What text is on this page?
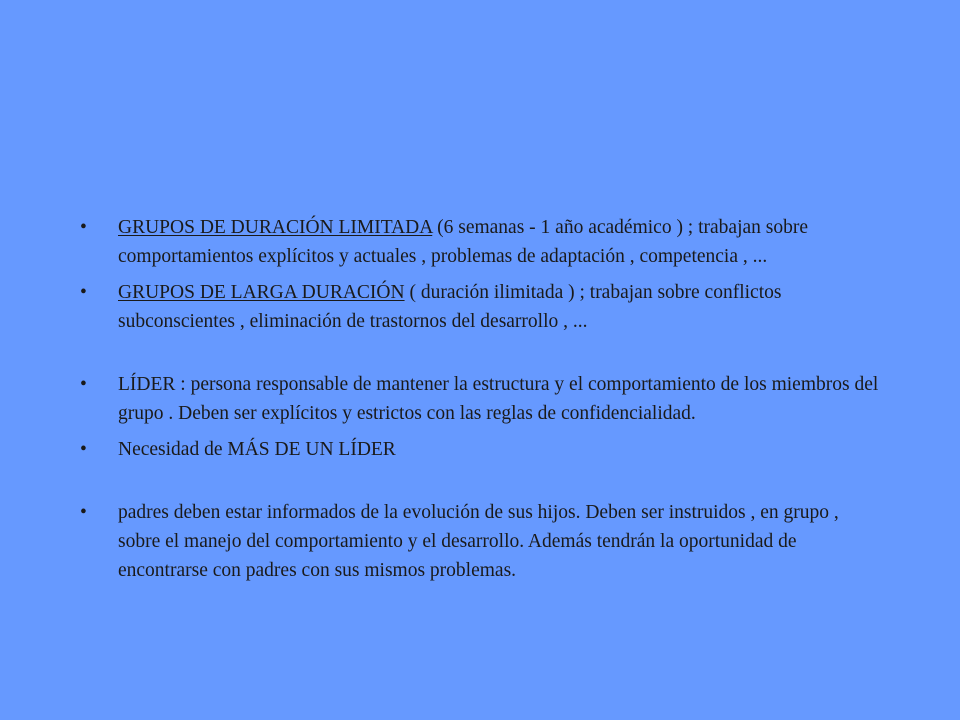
•	GRUPOS DE DURACIÓN LIMITADA (6 semanas - 1 año académico ) ; trabajan sobre comportamientos explícitos y actuales , problemas de adaptación , competencia , ...
•	GRUPOS DE LARGA DURACIÓN ( duración ilimitada ) ; trabajan sobre conflictos subconscientes , eliminación de trastornos del desarrollo , ...
•	LÍDER : persona responsable de mantener la estructura y el comportamiento de los miembros del grupo . Deben ser explícitos y estrictos con las reglas de confidencialidad.
•	Necesidad de MÁS DE UN LÍDER
•	padres deben estar informados de la evolución de sus hijos. Deben ser instruidos , en grupo , sobre el manejo del comportamiento y el desarrollo. Además tendrán la oportunidad de encontrarse con padres con sus mismos problemas.
